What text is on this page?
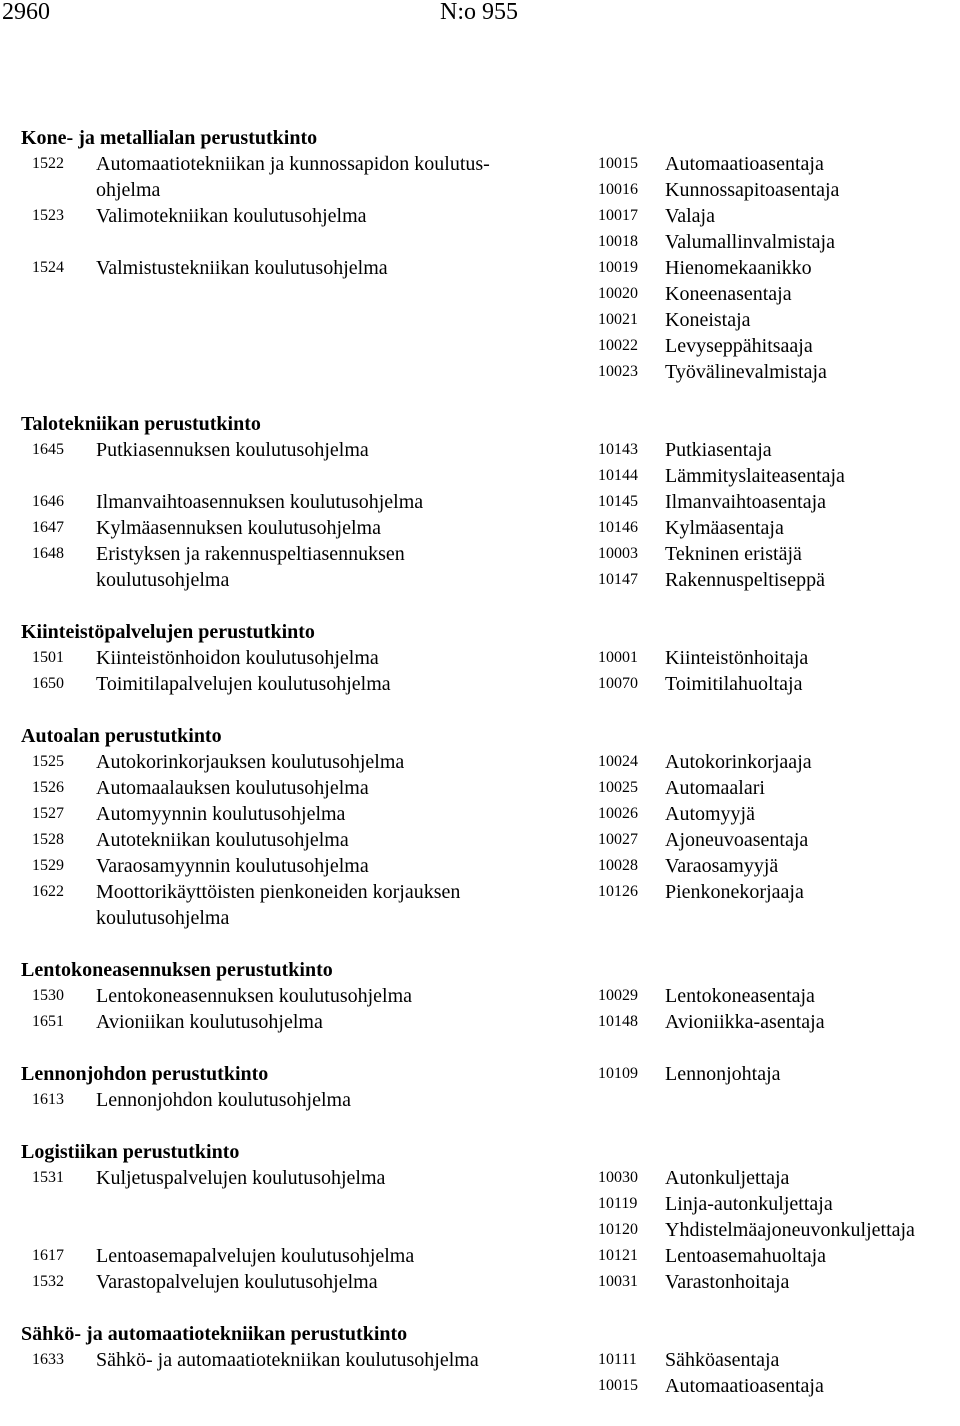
2960	N:o 955
Kone- ja metallialan perustutkinto
1522 Automaatiotekniikan ja kunnossapidon koulutus-	10015 Automaatioasentaja
ohjelma	10016 Kunnossapitoasentaja
1523 Valimotekniikan koulutusohjelma	10017 Valaja
10018 Valumallinvalmistaja
1524 Valmistustekniikan koulutusohjelma	10019 Hienomekaanikko
10020 Koneenasentaja
10021 Koneistaja
10022 Levyseppähitsaaja
10023 Työvälinevalmistaja
Talotekniikan perustutkinto
1645 Putkiasennuksen koulutusohjelma	10143 Putkiasentaja
10144 Lämmityslaiteasentaja
1646 Ilmanvaihtoasennuksen koulutusohjelma	10145 Ilmanvaihtoasentaja
1647 Kylmäasennuksen koulutusohjelma	10146 Kylmäasentaja
1648 Eristyksen ja rakennuspeltiasennuksen	10003 Tekninen eristäjä
koulutusohjelma	10147 Rakennuspeltiseppä
Kiinteistöpalvelujen perustutkinto
1501 Kiinteistönhoidon koulutusohjelma	10001 Kiinteistönhoitaja
1650 Toimitilapalvelujen koulutusohjelma	10070 Toimitilahuoltaja
Autoalan perustutkinto
1525 Autokorinkorjauksen koulutusohjelma	10024 Autokorinkorjaaja
1526 Automaalauksen koulutusohjelma	10025 Automaalari
1527 Automyynnin koulutusohjelma	10026 Automyyjä
1528 Autotekniikan koulutusohjelma	10027 Ajoneuvoasentaja
1529 Varaosamyynnin koulutusohjelma	10028 Varaosamyyjä
1622 Moottorikäyttöisten pienkoneiden korjauksen	10126 Pienkonekorjaaja
koulutusohjelma
Lentokoneasennuksen perustutkinto
1530 Lentokoneasennuksen koulutusohjelma	10029 Lentokoneasentaja
1651 Avioniikan koulutusohjelma	10148 Avioniikka-asentaja
Lennonjohdon perustutkinto	10109 Lennonjohtaja
1613 Lennonjohdon koulutusohjelma
Logistiikan perustutkinto
1531 Kuljetuspalvelujen koulutusohjelma	10030 Autonkuljettaja
10119 Linja-autonkuljettaja
10120 Yhdistelmäajoneuvonkuljettaja
1617 Lentoasemapalvelujen koulutusohjelma	10121 Lentoasemahuoltaja
1532 Varastopalvelujen koulutusohjelma	10031 Varastonhoitaja
Sähkö- ja automaatiotekniikan perustutkinto
1633 Sähkö- ja automaatiotekniikan koulutusohjelma	10111 Sähköasentaja
10015 Automaatioasentaja
